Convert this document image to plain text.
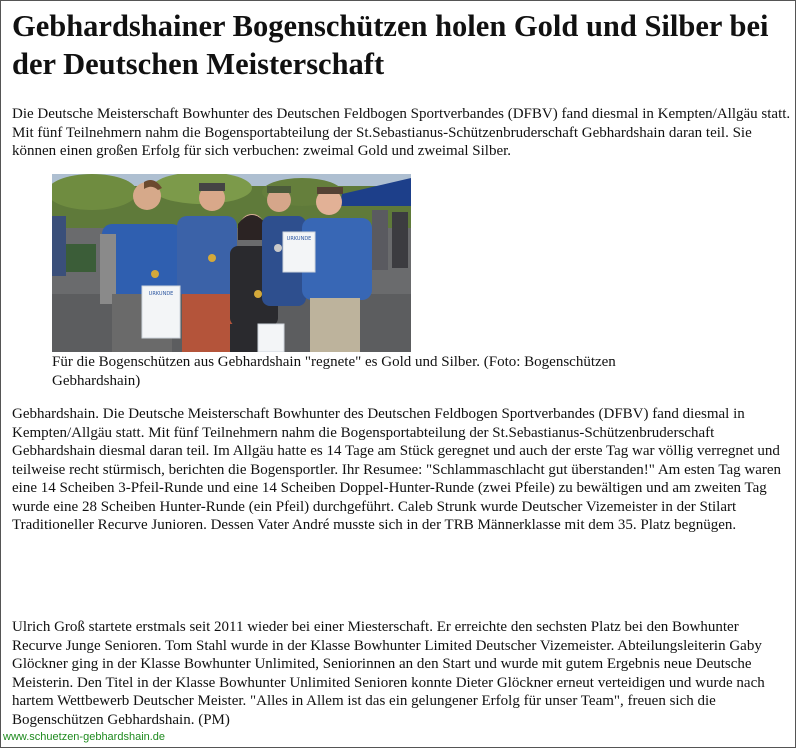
Gebhardshainer Bogenschützen holen Gold und Silber bei der Deutschen Meisterschaft

Die Deutsche Meisterschaft Bowhunter des Deutschen Feldbogen Sportverbandes (DFBV) fand diesmal in Kempten/Allgäu statt. Mit fünf Teilnehmern nahm die Bogensportabteilung der St.Sebastianus-Schützenbruderschaft Gebhardshain daran teil. Sie können einen großen Erfolg für sich verbuchen: zweimal Gold und zweimal Silber.

URKUNDE
URKUNDE

Für die Bogenschützen aus Gebhardshain "regnete" es Gold und Silber. (Foto: Bogenschützen Gebhardshain)

Gebhardshain. Die Deutsche Meisterschaft Bowhunter des Deutschen Feldbogen Sportverbandes (DFBV) fand diesmal in Kempten/Allgäu statt. Mit fünf Teilnehmern nahm die Bogensportabteilung der St.Sebastianus-Schützenbruderschaft Gebhardshain diesmal daran teil. Im Allgäu hatte es 14 Tage am Stück geregnet und auch der erste Tag war völlig verregnet und teilweise recht stürmisch, berichten die Bogensportler. Ihr Resumee: "Schlammaschlacht gut überstanden!" Am esten Tag waren eine 14 Scheiben 3-Pfeil-Runde und eine 14 Scheiben Doppel-Hunter-Runde (zwei Pfeile) zu bewältigen und am zweiten Tag wurde eine 28 Scheiben Hunter-Runde (ein Pfeil) durchgeführt. Caleb Strunk wurde Deutscher Vizemeister in der Stilart Traditioneller Recurve Junioren. Dessen Vater André musste sich in der TRB Männerklasse mit dem 35. Platz begnügen.

Ulrich Groß startete erstmals seit 2011 wieder bei einer Miesterschaft. Er erreichte den sechsten Platz bei den Bowhunter Recurve Junge Senioren. Tom Stahl wurde in der Klasse Bowhunter Limited Deutscher Vizemeister. Abteilungsleiterin Gaby Glöckner ging in der Klasse Bowhunter Unlimited, Seniorinnen an den Start und wurde mit gutem Ergebnis neue Deutsche Meisterin. Den Titel in der Klasse Bowhunter Unlimited Senioren konnte Dieter Glöckner erneut verteidigen und wurde nach hartem Wettbewerb Deutscher Meister. "Alles in Allem ist das ein gelungener Erfolg für unser Team", freuen sich die Bogenschützen Gebhardshain. (PM)

www.schuetzen-gebhardshain.de
